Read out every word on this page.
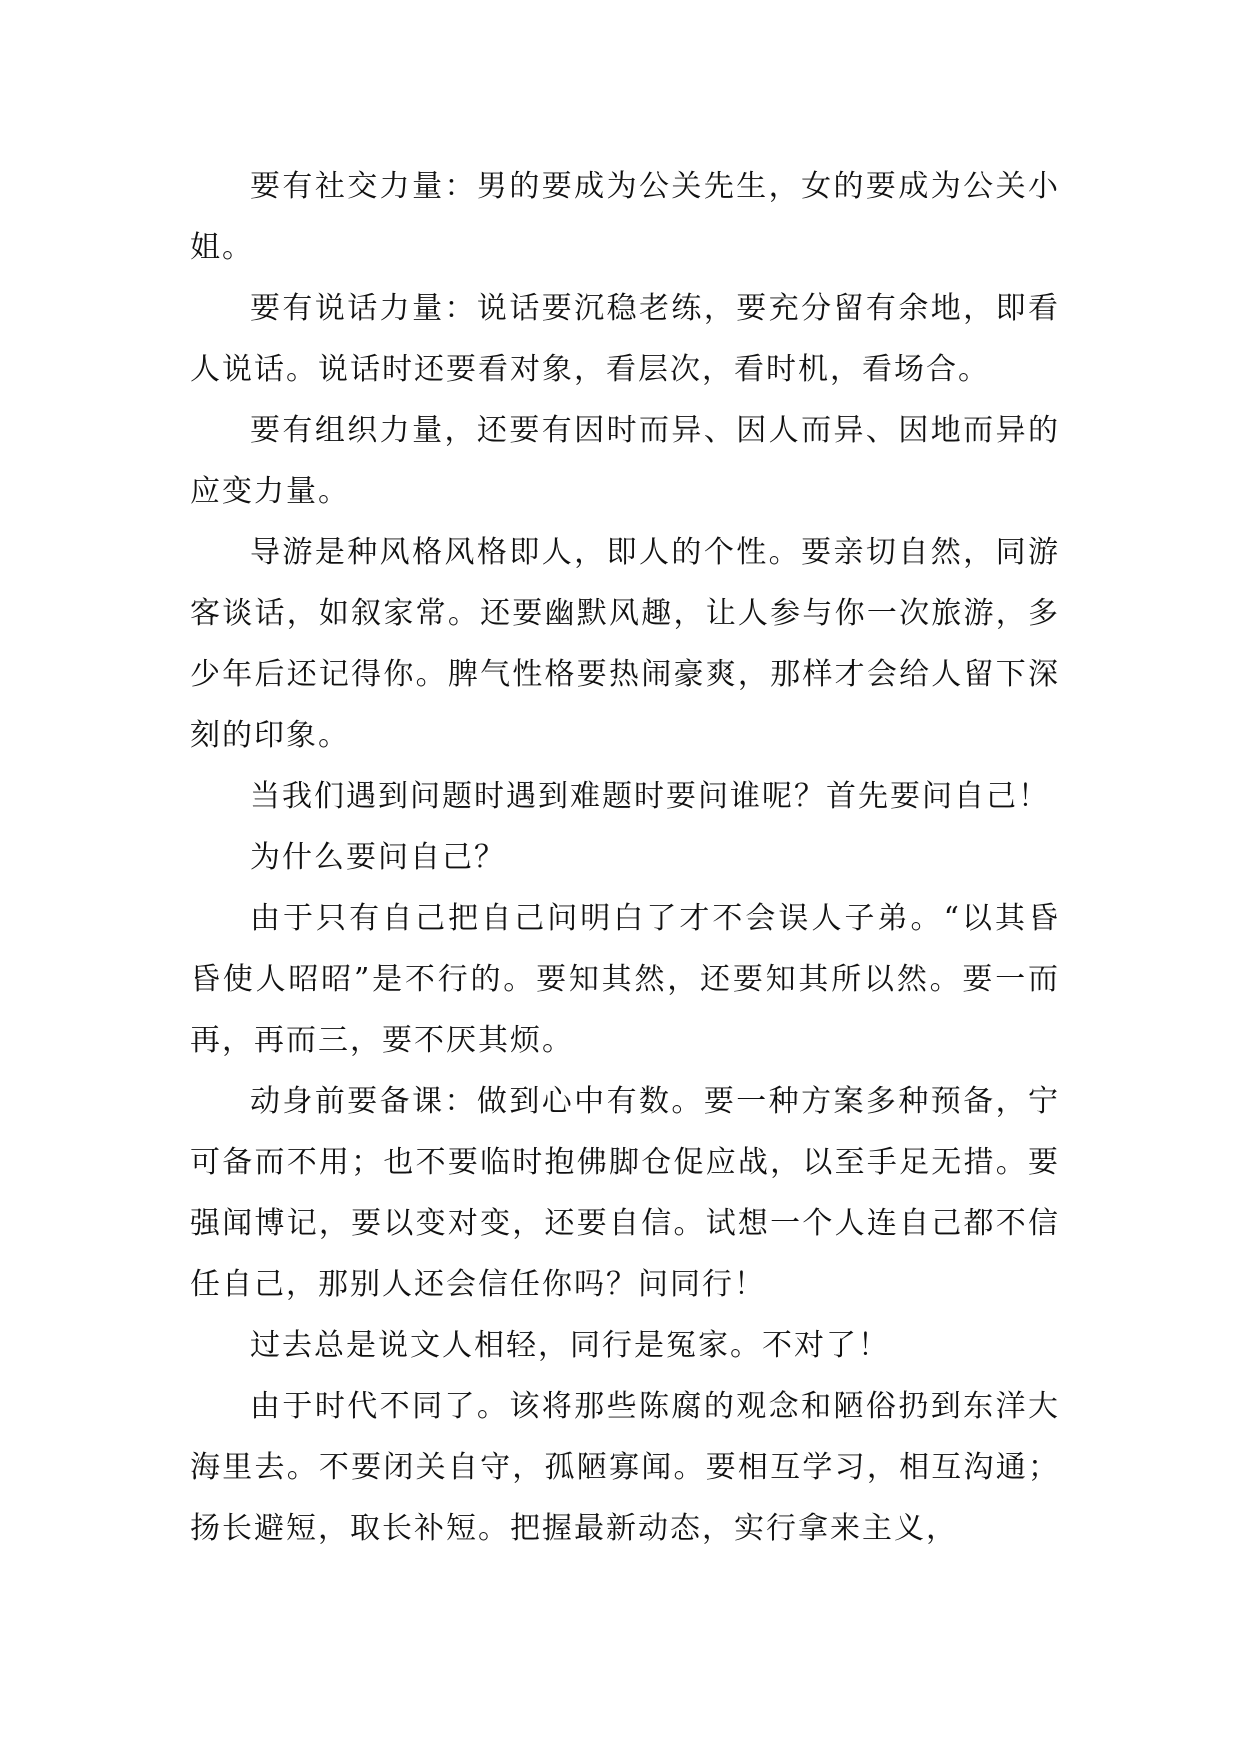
要有社交力量：男的要成为公关先生，女的要成为公关小姐。

要有说话力量：说话要沉稳老练，要充分留有余地，即看人说话。说话时还要看对象，看层次，看时机，看场合。

要有组织力量，还要有因时而异、因人而异、因地而异的应变力量。

导游是种风格风格即人，即人的个性。要亲切自然，同游客谈话，如叙家常。还要幽默风趣，让人参与你一次旅游，多少年后还记得你。脾气性格要热闹豪爽，那样才会给人留下深刻的印象。

当我们遇到问题时遇到难题时要问谁呢？首先要问自己！

为什么要问自己？

由于只有自己把自己问明白了才不会误人子弟。“以其昏昏使人昭昭”是不行的。要知其然，还要知其所以然。要一而再，再而三，要不厌其烦。

动身前要备课：做到心中有数。要一种方案多种预备，宁可备而不用；也不要临时抱佛脚仓促应战，以至手足无措。要强闻博记，要以变对变，还要自信。试想一个人连自己都不信任自己，那别人还会信任你吗？问同行！

过去总是说文人相轻，同行是冤家。不对了！

由于时代不同了。该将那些陈腐的观念和陋俗扔到东洋大海里去。不要闭关自守，孤陋寡闻。要相互学习，相互沟通；扬长避短，取长补短。把握最新动态，实行拿来主义，
